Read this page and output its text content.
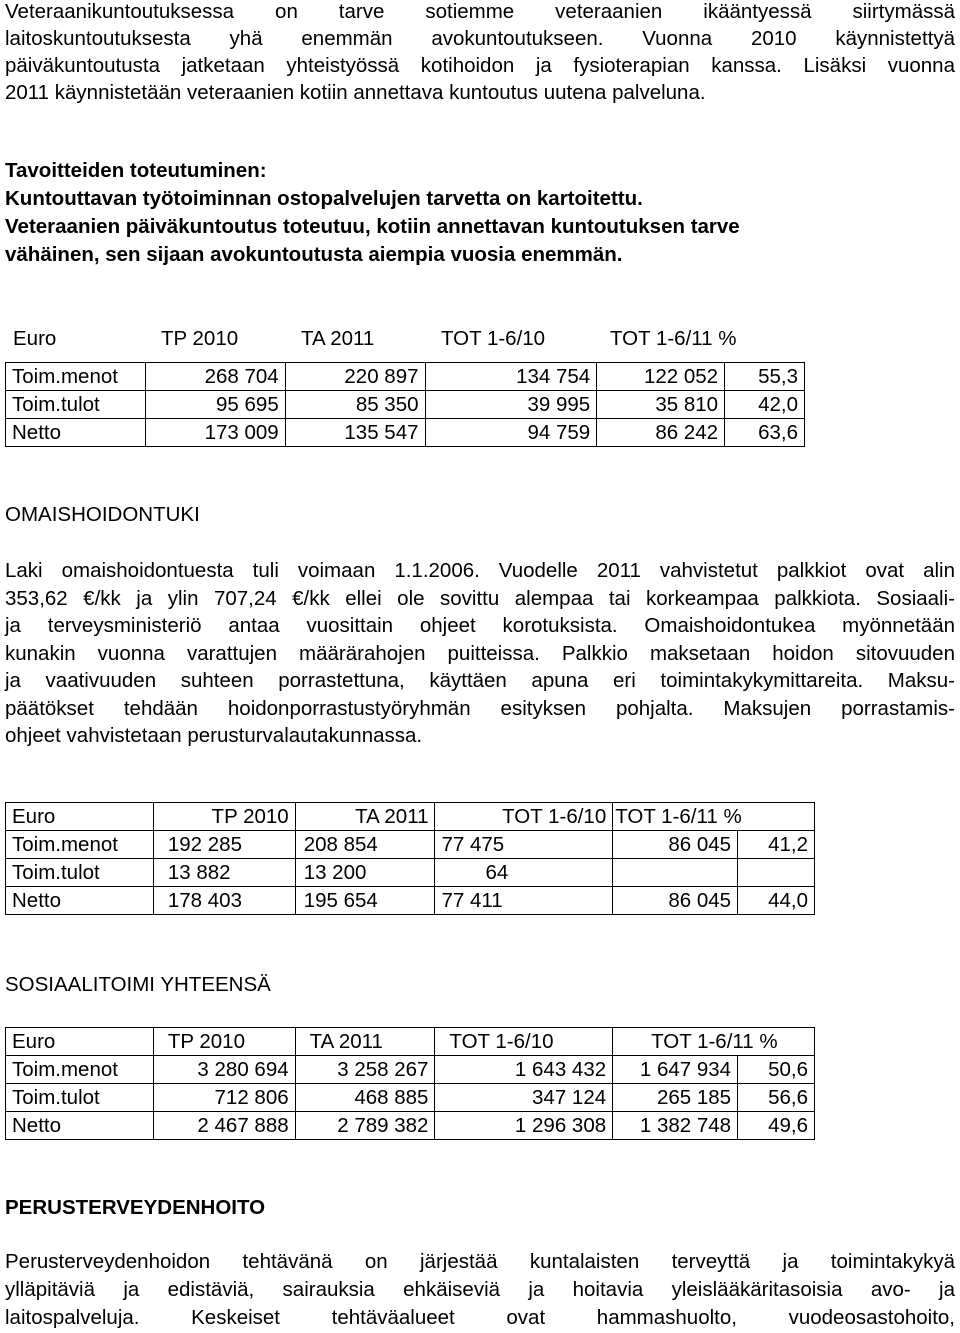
Veteraanikuntoutuksessa on tarve sotiemme veteraanien ikääntyessä siirtymässä
laitoskuntoutuksesta yhä enemmän avokuntoutukseen. Vuonna 2010 käynnistettyä
päiväkuntoutusta jatketaan yhteistyössä kotihoidon ja fysioterapian kanssa. Lisäksi vuonna
2011 käynnistetään veteraanien kotiin annettava kuntoutus uutena palveluna.
Tavoitteiden toteutuminen:
Kuntouttavan työtoiminnan ostopalvelujen tarvetta on kartoitettu.
Veteraanien päiväkuntoutus toteutuu, kotiin annettavan kuntoutuksen tarve
vähäinen, sen sijaan avokuntoutusta aiempia vuosia enemmän.
Euro	TP 2010	TA 2011	TOT 1-6/10	TOT 1-6/11 %
Toim.menot	268 704	220 897	134 754	122 052	55,3
Toim.tulot	95 695	85 350	39 995	35 810	42,0
Netto	173 009	135 547	94 759	86 242	63,6
OMAISHOIDONTUKI
Laki omaishoidontuesta tuli voimaan 1.1.2006. Vuodelle 2011 vahvistetut palkkiot ovat alin
353,62 €/kk ja ylin 707,24 €/kk ellei ole sovittu alempaa tai korkeampaa palkkiota. Sosiaali-
ja terveysministeriö antaa vuosittain ohjeet korotuksista. Omaishoidontukea myönnetään
kunakin vuonna varattujen määrärahojen puitteissa. Palkkio maksetaan hoidon sitovuuden
ja vaativuuden suhteen porrastettuna, käyttäen apuna eri toimintakykymittareita. Maksu-
päätökset tehdään hoidonporrastustyöryhmän esityksen pohjalta. Maksujen porrastamis-
ohjeet vahvistetaan perusturvalautakunnassa.
Euro	TP 2010	TA 2011	TOT 1-6/10	TOT 1-6/11 %	
Toim.menot	192 285	208 854	77 475	86 045	41,2
Toim.tulot	13 882	13 200	64		
Netto	178 403	195 654	77 411	86 045	44,0
SOSIAALITOIMI YHTEENSÄ
Euro	TP 2010	TA 2011	TOT 1-6/10	TOT 1-6/11 %	
Toim.menot	3 280 694	3 258 267	1 643 432	1 647 934	50,6
Toim.tulot	712 806	468 885	347 124	265 185	56,6
Netto	2 467 888	2 789 382	1 296 308	1 382 748	49,6
PERUSTERVEYDENHOITO
Perusterveydenhoidon tehtävänä on järjestää kuntalaisten terveyttä ja toimintakykyä
ylläpitäviä ja edistäviä, sairauksia ehkäiseviä ja hoitavia yleislääkäritasoisia avo- ja
laitospalveluja. Keskeiset tehtäväalueet ovat hammashuolto, vuodeosastohoito,
